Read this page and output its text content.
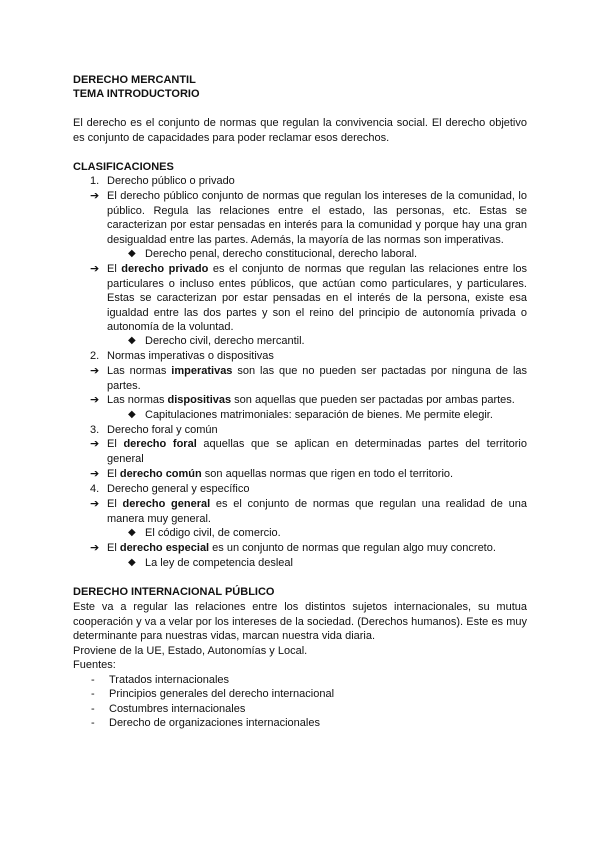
DERECHO MERCANTIL
TEMA INTRODUCTORIO
El derecho es el conjunto de normas que regulan la convivencia social. El derecho objetivo es conjunto de capacidades para poder reclamar esos derechos.
CLASIFICACIONES
1. Derecho público o privado
➔ El derecho público conjunto de normas que regulan los intereses de la comunidad, lo público. Regula las relaciones entre el estado, las personas, etc. Estas se caracterizan por estar pensadas en interés para la comunidad y porque hay una gran desigualdad entre las partes. Además, la mayoría de las normas son imperativas.
◆ Derecho penal, derecho constitucional, derecho laboral.
➔ El derecho privado es el conjunto de normas que regulan las relaciones entre los particulares o incluso entes públicos, que actúan como particulares, y particulares. Estas se caracterizan por estar pensadas en el interés de la persona, existe esa igualdad entre las dos partes y son el reino del principio de autonomía privada o autonomía de la voluntad.
◆ Derecho civil, derecho mercantil.
2. Normas imperativas o dispositivas
➔ Las normas imperativas son las que no pueden ser pactadas por ninguna de las partes.
➔ Las normas dispositivas son aquellas que pueden ser pactadas por ambas partes.
◆ Capitulaciones matrimoniales: separación de bienes. Me permite elegir.
3. Derecho foral y común
➔ El derecho foral aquellas que se aplican en determinadas partes del territorio general
➔ El derecho común son aquellas normas que rigen en todo el territorio.
4. Derecho general y específico
➔ El derecho general es el conjunto de normas que regulan una realidad de una manera muy general.
◆ El código civil, de comercio.
➔ El derecho especial es un conjunto de normas que regulan algo muy concreto.
◆ La ley de competencia desleal
DERECHO INTERNACIONAL PÚBLICO
Este va a regular las relaciones entre los distintos sujetos internacionales, su mutua cooperación y va a velar por los intereses de la sociedad. (Derechos humanos). Este es muy determinante para nuestras vidas, marcan nuestra vida diaria.
Proviene de la UE, Estado, Autonomías y Local.
Fuentes:
- Tratados internacionales
- Principios generales del derecho internacional
- Costumbres internacionales
- Derecho de organizaciones internacionales
